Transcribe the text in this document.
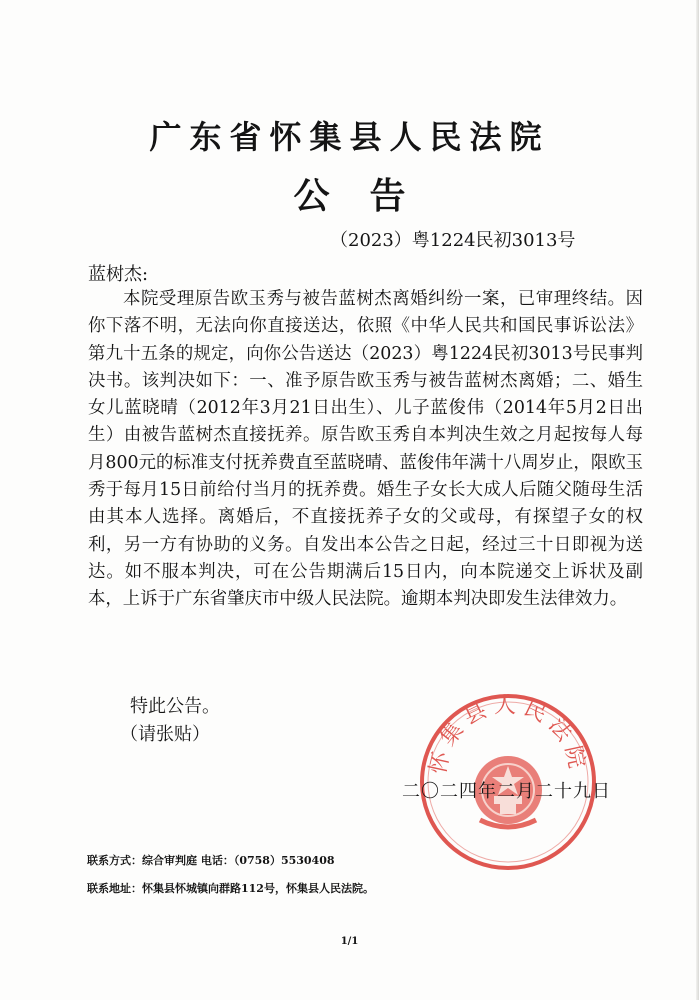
广东省怀集县人民法院
公告
（2023）粤1224民初3013号
蓝树杰:

本院受理原告欧玉秀与被告蓝树杰离婚纠纷一案，已审理终结。因你下落不明，无法向你直接送达，依照《中华人民共和国民事诉讼法》第九十五条的规定，向你公告送达（2023）粤1224民初3013号民事判决书。该判决如下：一、准予原告欧玉秀与被告蓝树杰离婚；二、婚生女儿蓝晓晴（2012年3月21日出生）、儿子蓝俊伟（2014年5月2日出生）由被告蓝树杰直接抚养。原告欧玉秀自本判决生效之月起按每人每月800元的标准支付抚养费直至蓝晓晴、蓝俊伟年满十八周岁止，限欧玉秀于每月15日前给付当月的抚养费。婚生子女长大成人后随父随母生活由其本人选择。离婚后，不直接抚养子女的父或母，有探望子女的权利，另一方有协助的义务。自发出本公告之日起，经过三十日即视为送达。如不服本判决，可在公告期满后15日内，向本院递交上诉状及副本，上诉于广东省肇庆市中级人民法院。逾期本判决即发生法律效力。

特此公告。
（请张贴）
怀集县人民法院
二〇二四年二月二十九日
联系方式：综合审判庭 电话：（0758）5530408
联系地址：怀集县怀城镇向群路112号，怀集县人民法院。
1/1
